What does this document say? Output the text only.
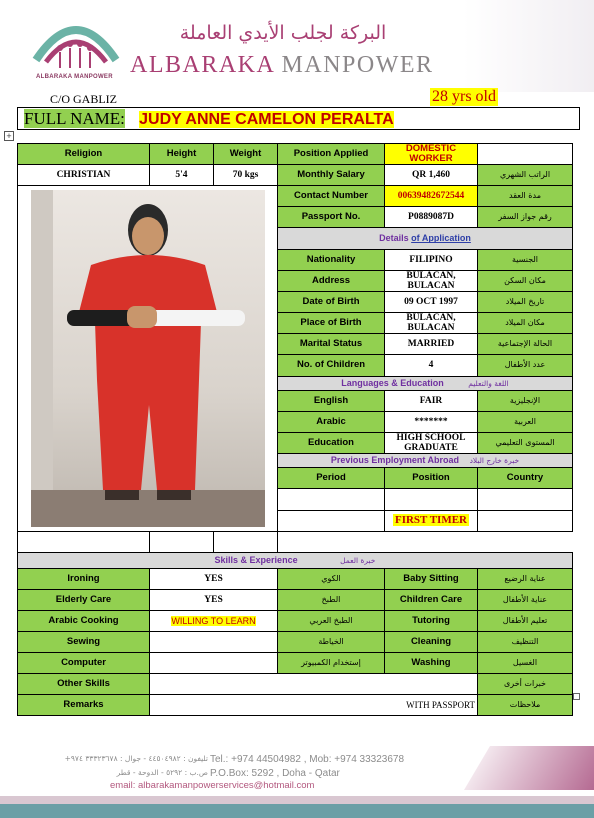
ALBARAKA MANPOWER
البركة لجلب الأيدي العاملة
ALBARAKA MANPOWER
C/O GABLIZ	28 yrs old
FULL NAME: JUDY ANNE CAMELON PERALTA
+
Religion	Height	Weight	Position Applied	DOMESTIC WORKER	
CHRISTIAN	5'4	70 kgs	Monthly Salary	QR 1,460	الراتب الشهري

	Contact Number	00639482672544	مدة العقد
			Passport No.	P0889087D	رقم جواز السفر
			Details of Application		
			Nationality	FILIPINO	الجنسية
			Address	BULACAN, BULACAN	مكان السكن
			Date of Birth	09 OCT 1997	تاريخ الميلاد
			Place of Birth	BULACAN, BULACAN	مكان الميلاد
			Marital Status	MARRIED	الحالة الإجتماعية
			No. of Children	4	عدد الأطفال
			Languages & Education اللغة والتعليم		
			English	FAIR	الإنجليزية
			Arabic	*******	العربية
			Education	HIGH SCHOOL GRADUATE	المستوى التعليمي
			Previous Employment Abroad خبرة خارج البلاد		
			Period	Position	Country

				FIRST TIMER	

Skills & Experience خبرة العمل					
Ironing	YES		الكوي	Baby Sitting	عناية الرضيع
Elderly Care	YES		الطبخ	Children Care	عناية الأطفال
Arabic Cooking	WILLING TO LEARN		الطبخ العربي	Tutoring	تعليم الأطفال
Sewing			الخياطة	Cleaning	التنظيف
Computer			إستخدام الكمبيوتر	Washing	الغسيل
Other Skills					خبرات أخرى
Remarks	WITH PASSPORT				ملاحظات
تليفون : ٤٤٥٠٤٩٨٢ - جوال : ٣٣٣٢٣٦٧٨ ٩٧٤+
ص.ب : ٥٢٩٢ - الدوحة - قطر
Tel.: +974 44504982 , Mob: +974 33323678
P.O.Box: 5292 , Doha - Qatar
email: albarakamanpowerservices@hotmail.com
